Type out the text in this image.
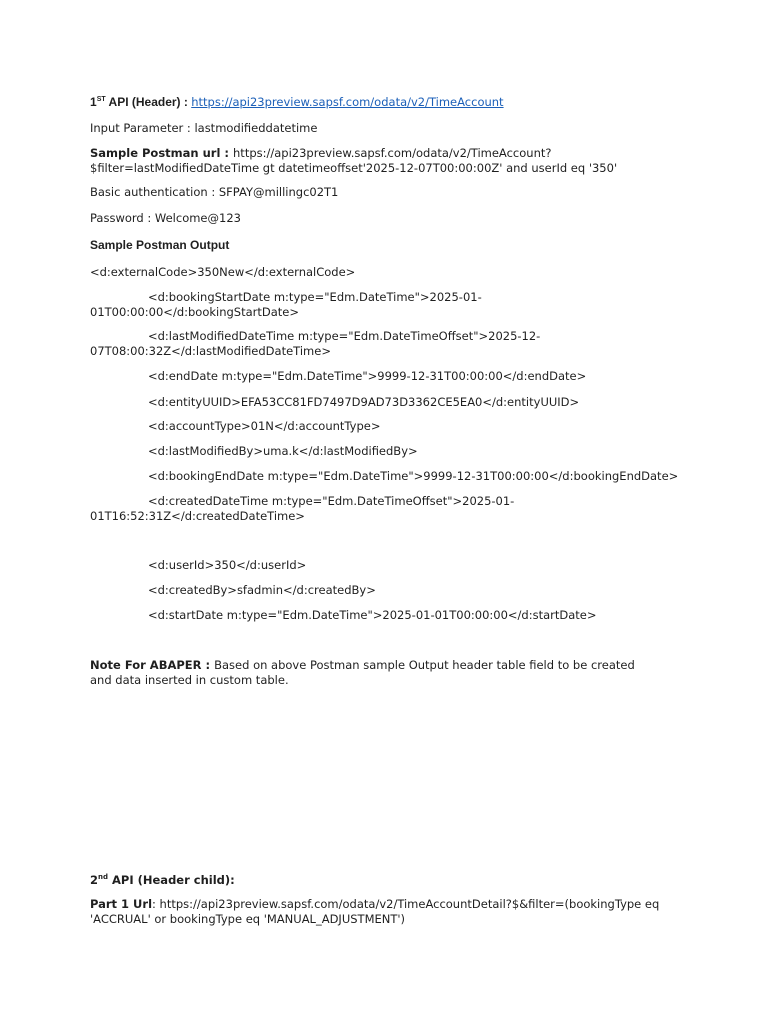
1ST API (Header) : https://api23preview.sapsf.com/odata/v2/TimeAccount
Input Parameter : lastmodifieddatetime
Sample Postman url : https://api23preview.sapsf.com/odata/v2/TimeAccount?$filter=lastModifiedDateTime gt datetimeoffset'2025-12-07T00:00:00Z' and userId eq '350'
Basic authentication : SFPAY@millingc02T1
Password : Welcome@123
Sample Postman Output
<d:externalCode>350New</d:externalCode>
<d:bookingStartDate m:type="Edm.DateTime">2025-01-01T00:00:00</d:bookingStartDate>
<d:lastModifiedDateTime m:type="Edm.DateTimeOffset">2025-12-07T08:00:32Z</d:lastModifiedDateTime>
<d:endDate m:type="Edm.DateTime">9999-12-31T00:00:00</d:endDate>
<d:entityUUID>EFA53CC81FD7497D9AD73D3362CE5EA0</d:entityUUID>
<d:accountType>01N</d:accountType>
<d:lastModifiedBy>uma.k</d:lastModifiedBy>
<d:bookingEndDate m:type="Edm.DateTime">9999-12-31T00:00:00</d:bookingEndDate>
<d:createdDateTime m:type="Edm.DateTimeOffset">2025-01-01T16:52:31Z</d:createdDateTime>
<d:userId>350</d:userId>
<d:createdBy>sfadmin</d:createdBy>
<d:startDate m:type="Edm.DateTime">2025-01-01T00:00:00</d:startDate>
Note For ABAPER : Based on above Postman sample Output header table field to be created and data inserted in custom table.
2nd API (Header child):
Part 1 Url: https://api23preview.sapsf.com/odata/v2/TimeAccountDetail?$&filter=(bookingType eq 'ACCRUAL' or bookingType eq 'MANUAL_ADJUSTMENT')
